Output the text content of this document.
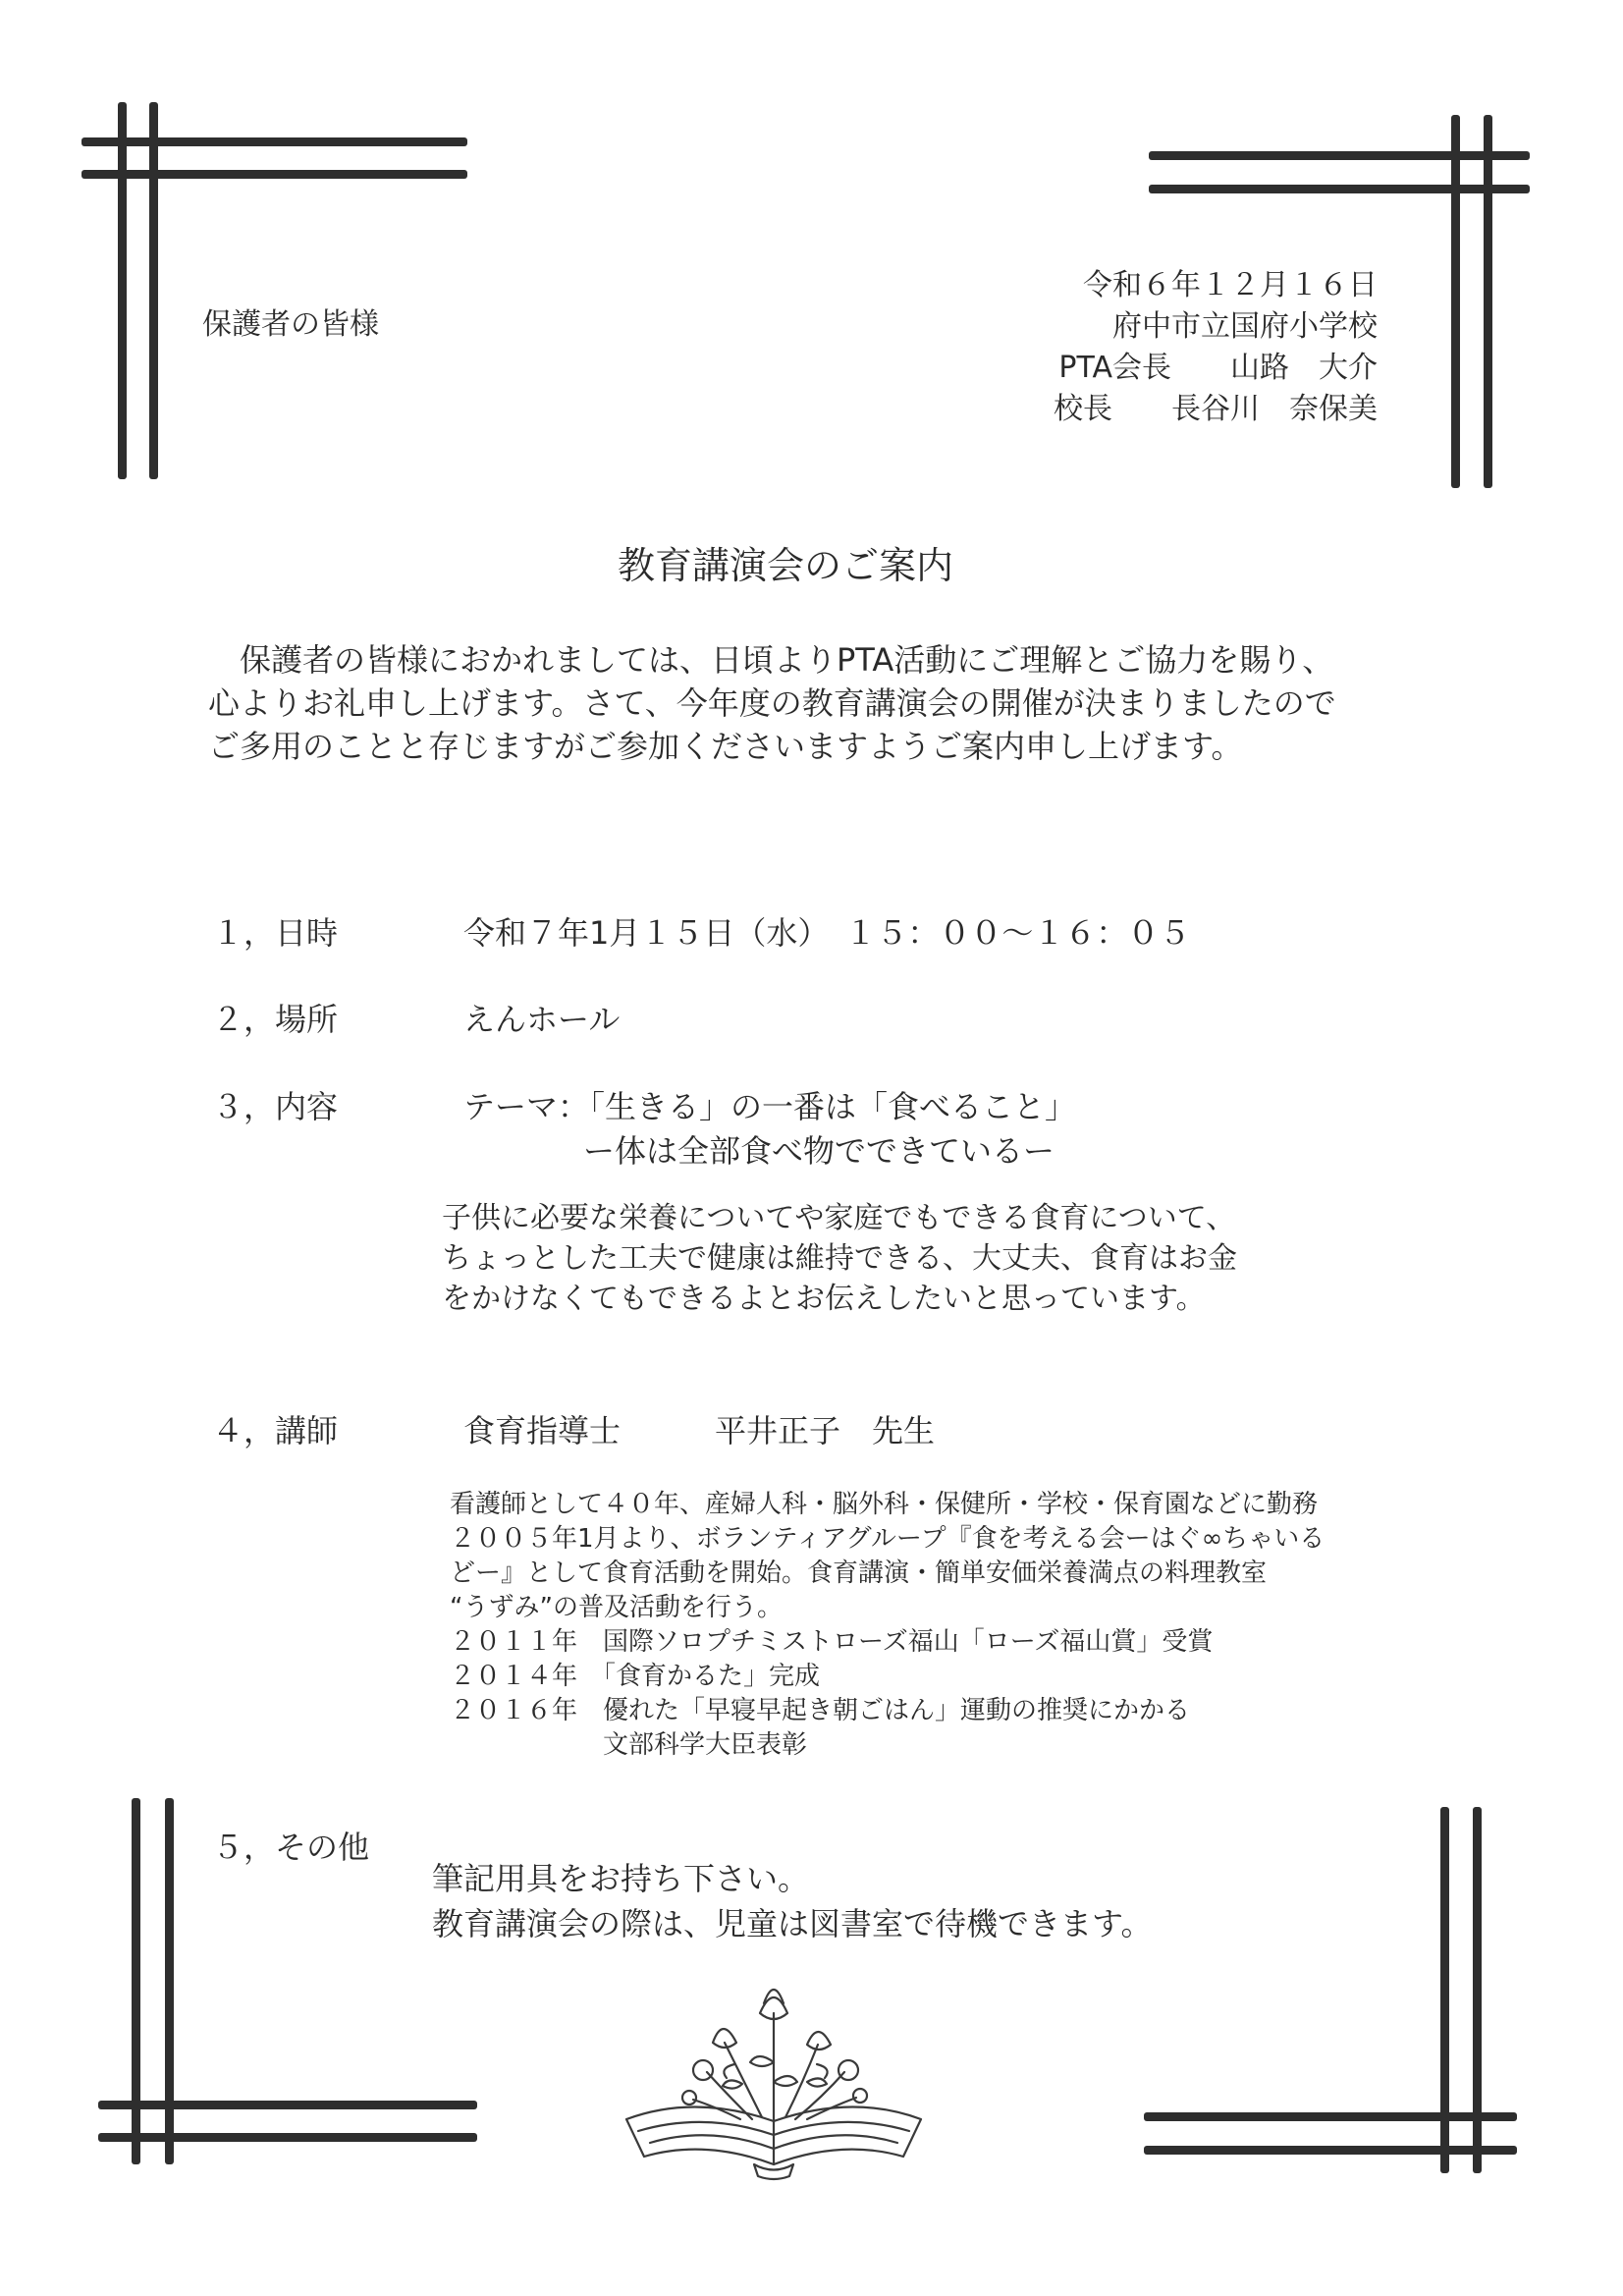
保護者の皆様
令和６年１２月１６日
府中市立国府小学校
PTA会長　　山路　大介
校長　　長谷川　奈保美
教育講演会のご案内
　保護者の皆様におかれましては、日頃よりPTA活動にご理解とご協力を賜り、
心よりお礼申し上げます。さて、今年度の教育講演会の開催が決まりましたので
ご多用のことと存じますがご参加くださいますようご案内申し上げます。
１，日時	令和７年1月１５日（水）　１５：００～１６：０５
２，場所	えんホール
３，内容	テーマ：「生きる」の一番は「食べること」
ー体は全部食べ物でできているー
子供に必要な栄養についてや家庭でもできる食育について、
ちょっとした工夫で健康は維持できる、大丈夫、食育はお金
をかけなくてもできるよとお伝えしたいと思っています。
４，講師	食育指導士　　　平井正子　先生
看護師として４０年、産婦人科・脳外科・保健所・学校・保育園などに勤務
２００５年1月より、ボランティアグループ『食を考える会ーはぐ∞ちゃいる
どー』として食育活動を開始。食育講演・簡単安価栄養満点の料理教室
“うずみ”の普及活動を行う。
２０１１年　国際ソロプチミストローズ福山「ローズ福山賞」受賞
２０１４年　「食育かるた」完成
２０１６年　優れた「早寝早起き朝ごはん」運動の推奨にかかる
　　　　　　文部科学大臣表彰
５，その他
筆記用具をお持ち下さい。
教育講演会の際は、児童は図書室で待機できます。
